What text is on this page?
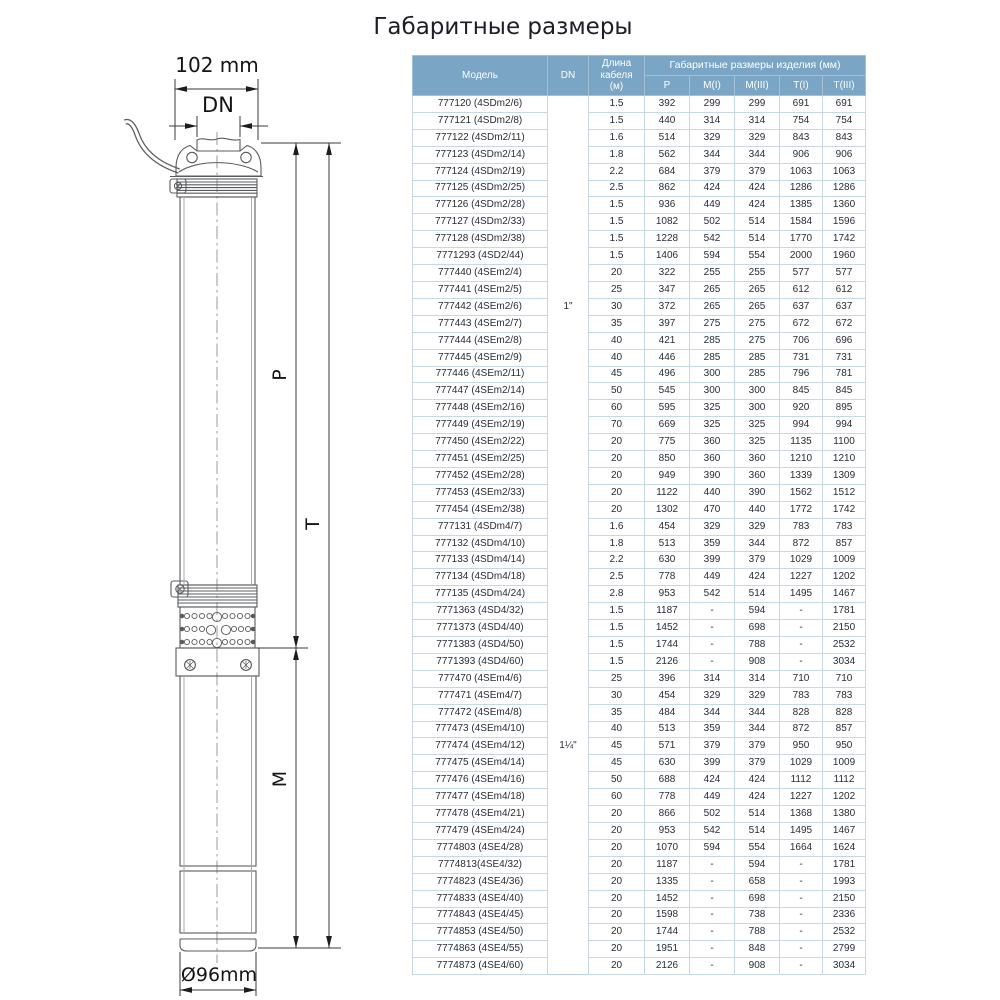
Габаритные размеры
102 mm
DN
P
T
M
Ø96mm
Модель	DN	Длина кабеля (м)	Габаритные размеры изделия (мм)				
			P	M(I)	M(III)	T(I)	T(III)
777120 (4SDm2/6)	1"	1.5	392	299	299	691	691
777121 (4SDm2/8)		1.5	440	314	314	754	754
777122 (4SDm2/11)		1.6	514	329	329	843	843
777123 (4SDm2/14)		1.8	562	344	344	906	906
777124 (4SDm2/19)		2.2	684	379	379	1063	1063
777125 (4SDm2/25)		2.5	862	424	424	1286	1286
777126 (4SDm2/28)		1.5	936	449	424	1385	1360
777127 (4SDm2/33)		1.5	1082	502	514	1584	1596
777128 (4SDm2/38)		1.5	1228	542	514	1770	1742
7771293 (4SD2/44)		1.5	1406	594	554	2000	1960
777440 (4SEm2/4)		20	322	255	255	577	577
777441 (4SEm2/5)		25	347	265	265	612	612
777442 (4SEm2/6)		30	372	265	265	637	637
777443 (4SEm2/7)		35	397	275	275	672	672
777444 (4SEm2/8)		40	421	285	275	706	696
777445 (4SEm2/9)		40	446	285	285	731	731
777446 (4SEm2/11)		45	496	300	285	796	781
777447 (4SEm2/14)		50	545	300	300	845	845
777448 (4SEm2/16)		60	595	325	300	920	895
777449 (4SEm2/19)		70	669	325	325	994	994
777450 (4SEm2/22)		20	775	360	325	1135	1100
777451 (4SEm2/25)		20	850	360	360	1210	1210
777452 (4SEm2/28)		20	949	390	360	1339	1309
777453 (4SEm2/33)		20	1122	440	390	1562	1512
777454 (4SEm2/38)		20	1302	470	440	1772	1742
777131 (4SDm4/7)	1¼"	1.6	454	329	329	783	783
777132 (4SDm4/10)		1.8	513	359	344	872	857
777133 (4SDm4/14)		2.2	630	399	379	1029	1009
777134 (4SDm4/18)		2.5	778	449	424	1227	1202
777135 (4SDm4/24)		2.8	953	542	514	1495	1467
7771363 (4SD4/32)		1.5	1187	-	594	-	1781
7771373 (4SD4/40)		1.5	1452	-	698	-	2150
7771383 (4SD4/50)		1.5	1744	-	788	-	2532
7771393 (4SD4/60)		1.5	2126	-	908	-	3034
777470 (4SEm4/6)		25	396	314	314	710	710
777471 (4SEm4/7)		30	454	329	329	783	783
777472 (4SEm4/8)		35	484	344	344	828	828
777473 (4SEm4/10)		40	513	359	344	872	857
777474 (4SEm4/12)		45	571	379	379	950	950
777475 (4SEm4/14)		45	630	399	379	1029	1009
777476 (4SEm4/16)		50	688	424	424	1112	1112
777477 (4SEm4/18)		60	778	449	424	1227	1202
777478 (4SEm4/21)		20	866	502	514	1368	1380
777479 (4SEm4/24)		20	953	542	514	1495	1467
7774803 (4SE4/28)		20	1070	594	554	1664	1624
7774813(4SE4/32)		20	1187	-	594	-	1781
7774823 (4SE4/36)		20	1335	-	658	-	1993
7774833 (4SE4/40)		20	1452	-	698	-	2150
7774843 (4SE4/45)		20	1598	-	738	-	2336
7774853 (4SE4/50)		20	1744	-	788	-	2532
7774863 (4SE4/55)		20	1951	-	848	-	2799
7774873 (4SE4/60)		20	2126	-	908	-	3034
